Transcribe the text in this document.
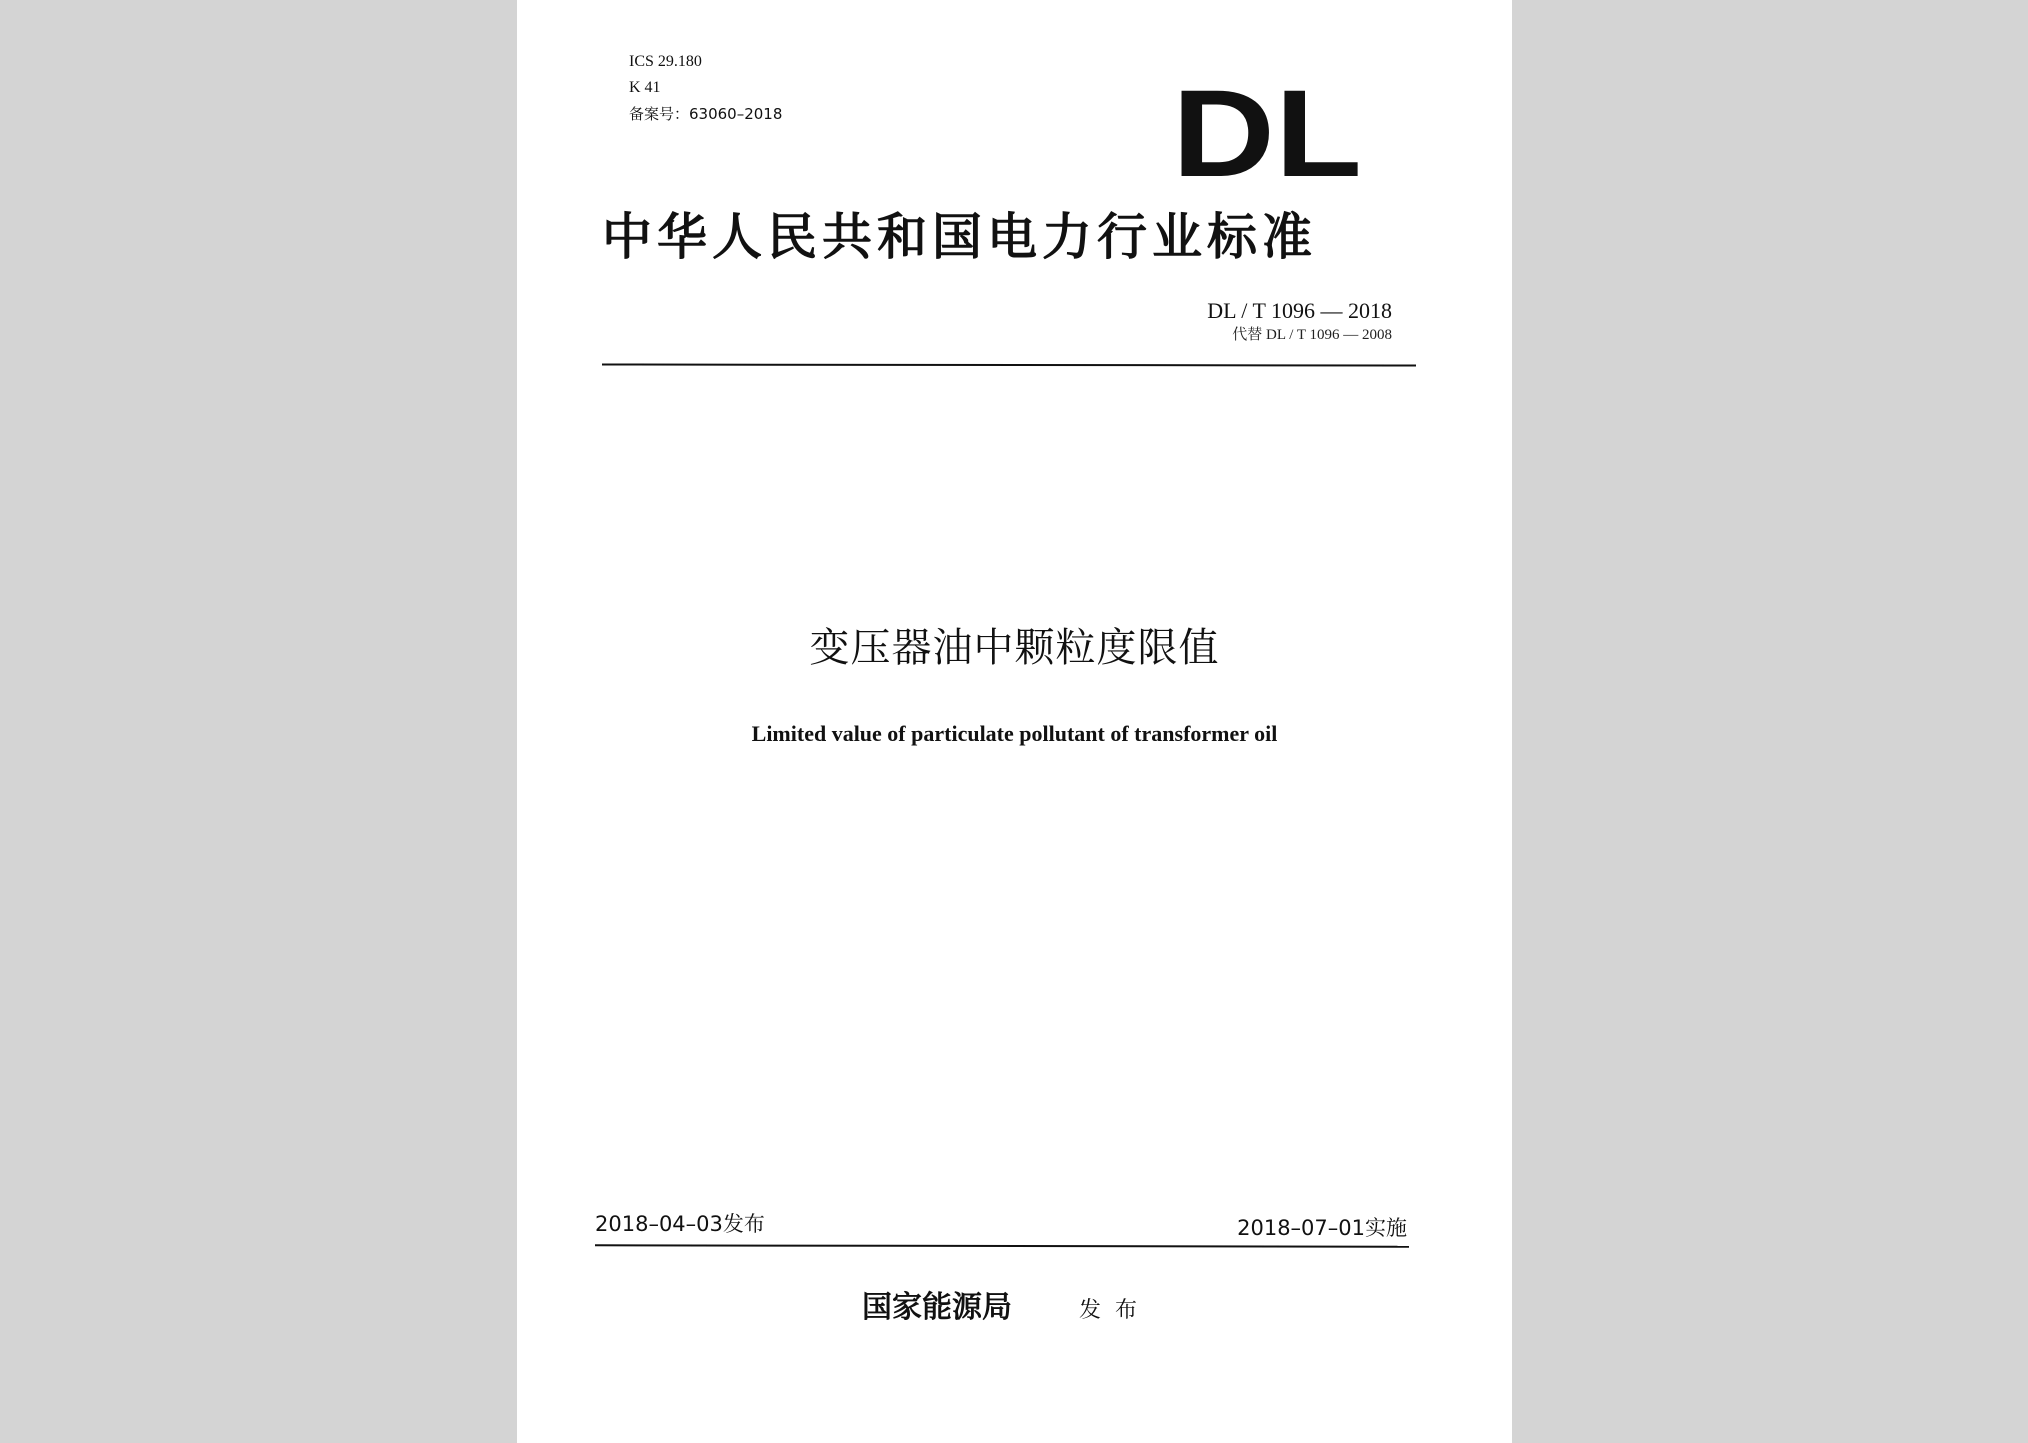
ICS 29.180
K 41
备案号：63060–2018	DL
中华人民共和国电力行业标准
DL / T 1096 — 2018
代替 DL / T 1096 — 2008
变压器油中颗粒度限值
Limited value of particulate pollutant of transformer oil
2018–04–03发布	2018–07–01实施
国家能源局	发布
